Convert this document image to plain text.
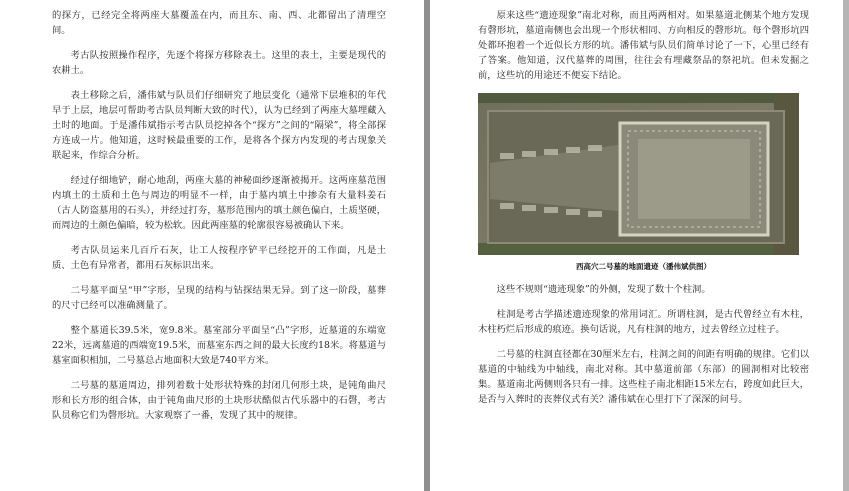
的探方，已经完全将两座大墓覆盖在内，而且东、南、西、北都留出了清理空间。

考古队按照操作程序，先逐个将探方移除表土。这里的表土，主要是现代的农耕土。

表土移除之后，潘伟斌与队员们仔细研究了地层变化（通常下层堆积的年代早于上层，地层可帮助考古队员判断大致的时代），认为已经到了两座大墓埋藏入土时的地面。于是潘伟斌指示考古队员挖掉各个“探方”之间的“隔梁”，将全部探方连成一片。他知道，这时候最重要的工作，是将各个探方内发现的考古现象关联起来，作综合分析。

经过仔细地铲，耐心地刮，两座大墓的神秘面纱逐渐被揭开。这两座墓范围内填土的土质和土色与周边的明显不一样，由于墓内填土中掺杂有大量料姜石（古人防盗墓用的石头），并经过打夯，墓形范围内的填土颜色偏白，土质坚硬，而周边的土颜色偏暗，较为松软。因此两座墓的轮廓很容易被确认下来。

考古队员运来几百斤石灰，让工人按程序铲平已经挖开的工作面，凡是土质、土色有异常者，都用石灰标识出来。

二号墓平面呈“甲”字形，呈现的结构与钻探结果无异。到了这一阶段，墓葬的尺寸已经可以准确测量了。

整个墓道长39.5米，宽9.8米。墓室部分平面呈“凸”字形，近墓道的东端宽22米，远离墓道的西端宽19.5米，而墓室东西之间的最大长度约18米。将墓道与墓室面积相加，二号墓总占地面积大致是740平方米。

二号墓的墓道周边，排列着数十处形状特殊的封闭几何形土块，是钝角曲尺形和长方形的组合体，由于钝角曲尺形的土块形状酷似古代乐器中的石磬，考古队员称它们为磬形坑。大家观察了一番，发现了其中的规律。

原来这些“遗迹现象”南北对称，而且两两相对。如果墓道北侧某个地方发现有磬形坑，墓道南侧也会出现一个形状相同、方向相反的磬形坑。每个磬形坑四处都环抱着一个近似长方形的坑。潘伟斌与队员们简单讨论了一下，心里已经有了答案。他知道，汉代墓葬的周围，往往会有埋藏祭品的祭祀坑。但未发掘之前，这些坑的用途还不便妄下结论。

西高穴二号墓的地面遗迹（潘伟斌供图）

这些不规则“遗迹现象”的外侧，发现了数十个柱洞。

柱洞是考古学描述遗迹现象的常用词汇。所谓柱洞，是古代曾经立有木柱，木柱朽烂后形成的痕迹。换句话说，凡有柱洞的地方，过去曾经立过柱子。

二号墓的柱洞直径都在30厘米左右，柱洞之间的间距有明确的规律。它们以墓道的中轴线为中轴线，南北对称。其中墓道前部（东部）的圆洞相对比较密集。墓道南北两侧则各只有一排。这些柱子南北相距15米左右，跨度如此巨大，是否与入葬时的丧葬仪式有关？潘伟斌在心里打下了深深的问号。
